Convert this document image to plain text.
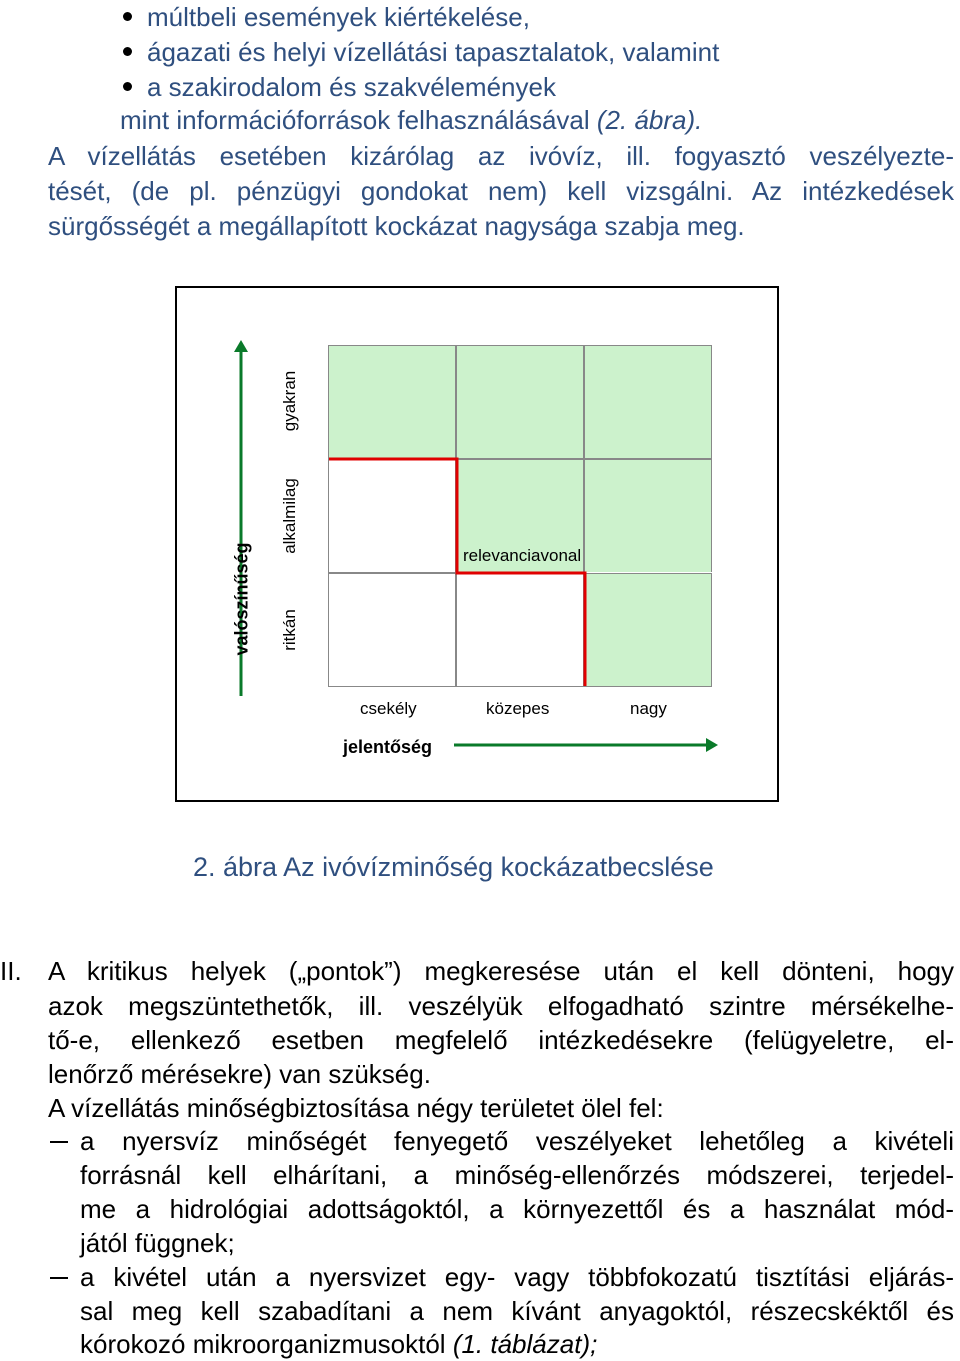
múltbeli események kiértékelése,
ágazati és helyi vízellátási tapasztalatok, valamint
a szakirodalom és szakvélemények
mint információforrások felhasználásával (2. ábra).
A vízellátás esetében kizárólag az ivóvíz, ill. fogyasztó veszélyezte-
tését, (de pl. pénzügyi gondokat nem) kell vizsgálni. Az intézkedések
sürgősségét a megállapított kockázat nagysága szabja meg.
relevanciavonal
valószínűség
gyakran
alkalmilag
ritkán
csekély	közepes	nagy
jelentőség
2. ábra Az ivóvízminőség kockázatbecslése
II. A kritikus helyek („pontok”) megkeresése után el kell dönteni, hogy
azok megszüntethetők, ill. veszélyük elfogadható szintre mérsékelhe-
tő-e, ellenkező esetben megfelelő intézkedésekre (felügyeletre, el-
lenőrző mérésekre) van szükség.
A vízellátás minőségbiztosítása négy területet ölel fel:
a nyersvíz minőségét fenyegető veszélyeket lehetőleg a kivételi
forrásnál kell elhárítani, a minőség-ellenőrzés módszerei, terjedel-
me a hidrológiai adottságoktól, a környezettől és a használat mód-
jától függnek;
a kivétel után a nyersvizet egy- vagy többfokozatú tisztítási eljárás-
sal meg kell szabadítani a nem kívánt anyagoktól, részecskéktől és
kórokozó mikroorganizmusoktól (1. táblázat);
